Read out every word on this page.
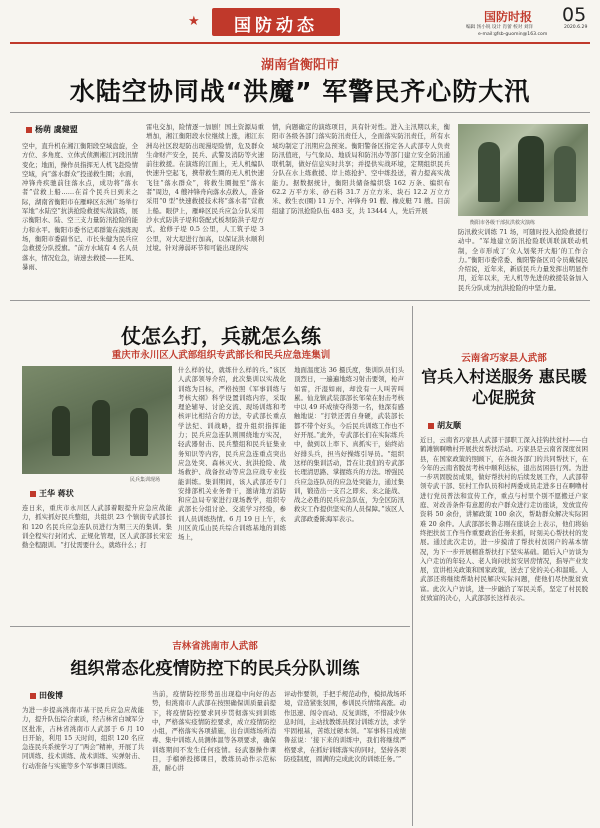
国防动态
★	国防时报	05
编辑 汤小锐 设计 肖蕾 校对 刘洋	2020.6.29
e-mail:gfsb-guomin@163.com
湖南省衡阳市
水陆空协同战“洪魔” 军警民齐心防大汛
杨萌 虞健盟
空中，直升机在湘江衡阳段空域盘旋，全方位、多角度、立体式侦测湘江河段汛情变化；地面，操作员指挥无人机飞赴险情空域，向“落水群众”投递救生圈；水面，冲锋舟疾驰前往落水点，成功将“落水者”营救上船……在首个民兵日到来之际，湖南省衡阳市在雁峰区东洲广场举行军地“水陆空”抗洪抢险救援实战演练，展示衡阳水、陆、空三支力量防汛抢险的能力和水平。衡阳市委书记邓群策在演练现场，衡阳市委副书记、市长朱健为民兵应急救援分队授旗。“前方水域有 4 名人员落水，情况危急，请速去救援——狂风、暴雨、
雷电交加，险情逐一加剧！国土资源局重增加，湘江衡阳段水位继续上涨，湘江东洲岛社区段堤防出现漫堤险情，危及群众生命财产安全，民兵、武警及消防等火速前往救援。在演练的江面上，无人机编队快速升空起飞，携带救生圈的无人机快速飞往“落水群众”，将救生圈抛至“落水者”周边，4 艘冲锋舟向落水点救人，准备采用“0 型”快速救援技术将“落水者”营救上船。眼伊上，雁峰区民兵应急分队采用沙水式防洪子堤和袋配式板坝防洪子堤方式，抢修子堤 0.5 公里，人工筑子堤 3 公里，对大堤进行加高，以保证洪水顺利过境。针对薄弱环节和可能出现的实
情，向题确定的演练项目，具有针对性。进入主汛期以来，衡阳市各级各部门落实防汛责任人，全面落实防汛责任，所有水域均制定了汛期应急预案。衡阳警备区指定各人武部专人负责防汛值班，与气象局、地质局和防汛办等部门建立安全防汛通联机制，做好信息实时共享；并提供实战环境，定期组织民兵分队在水上练救援、岸上练抢护、空中练投送，着力提高实战能力。据数据统计，衡阳共储备编织袋 162 万条、编织布 62.2 万平方米、砂石料 31.7 万立方米、块石 12.2 万立方米、救生衣(圈) 11 万个、冲锋舟 91 艘、橡皮艇 71 艘。目前组建了防汛抢险队伍 483 支，共 13444 人，先后开展
衡阳市各级干部抗洪救灾演练
防汛救灾训练 71 场，可随时投入抢险救援行动中。“军地建立防汛抢险联训联演联动机制，全市形成了‘众人划桨开大船’的工作合力。”衡阳市委常委、衡阳警备区司令员戴保民介绍说，近年来，新质民兵力量发挥出明显作用，近年以来，无人机等先进的救援装备加入民兵分队成为抗洪抢险的中坚力量。
仗怎么打，兵就怎么练
重庆市永川区人武部组织专武部长和民兵应急连集训
民兵集训现场
王华 蒋状
连日来，重庆市永川区人武部着眼提升应急应战能力，抓实抓好民兵整组，共组织 23 个镇街专武部长和 120 名民兵应急连队员进行为期三天的集训。集训全程实行封闭式、正规化管理，区人武部部长宋宏勤全程跟训。“打仗需要什么，就练什么；打
什么样的仗，就练什么样的兵。”该区人武部领导介绍，此次集训以实战化训练为目标，严格按照《军事训练与考核大纲》科学设置训练内容，采取理论辅导、讨论交流、现场训练和考核评比相结合的方法，专武部长重点学法纪、训战略，提升组织指挥能力；民兵应急连队则围绕地方实况，轻武器射击、民兵整组和民兵征集业务知识等内容，民兵应急连重点突出应急处突、森林灭火、抗洪抢险、战场救护、战备拉动等应急应战专业技能训练。集训期间，该人武部还专门安排部机关业务骨干，邀请地方消防和应急局专家进行现场教学，组织专武部长分组讨论、交流学习经验，参训人员训练热情。6 月 19 日上午，永川区黄瓜山民兵综合训练基地的训练场上，
地面温度达 36 摄氏度，集训队员们头顶烈日，一遍遍地练习射击要领，枪声如雷，汗湿如雨，却没有一人叫苦叫累。仙龙镇武装部部长邹荣在射击考核中以 49 环成绩夺得第一名，他深有感触地说：“打铁还需自身硬，武装部长都不带个好头，今后民兵训练工作也不好开展。”此外，专武部长们在实际练兵中，做到以上率下、真抓实干，始终站好排头兵，担当好操练引导员。“组织这样的集训活动，旨在让我们的专武部长理清思路、掌握练兵的方法。增强民兵应急连队员的应急处突能力，通过集训，锻造出一支召之即来、来之能战、战之必胜的民兵应急队伍，为全区防汛救灾工作提供坚实的人员保障。”该区人武部政委陈海军表示。
云南省巧家县人武部
官兵入村送服务 惠民暖心促脱贫
胡友顺
近日，云南省巧家县人武部干部职工深入挂钩扶贫村——白鹤滩镇啊噜村开展扶贫帮扶活动。巧家县是云南省深度贫困县，在国家政策的照顾下，在各级各部门的共同帮扶下，在今年的云南省脱贫考核中顺利达标，退出贫困县行列。为进一步巩固脱贫成果，做好帮扶村的后续发展工作，人武部带领专武干部、驻村工作队员和村两委成员走进多日在啊噜村进行党员普法和宣传工作，重点与村里个别不愿搬迁户家庭、对改善条件有意愿的农户群众进行走访座谈，发放宣传资料 50 余份，讲解政策 100 余次，帮助群众解决实际困难 20 余件。人武部部长鲁志刚在座谈会上表示，他们将始终把扶贫工作当作重要政治任务来抓，时刻关心帮扶村的发展。通过此次走访，进一步摸清了帮扶村贫困户的基本情况，为下一步开展精准帮扶打下坚实基础。随后入户访谈为入户走访的年轻人、老人询问扶贫安居房情况，指导产业发展，宣讲相关政策和国家政策，送去了党的关心和温暖。人武部还将继续帮助村民解决实际问题，使他们尽快脱贫致富。此次入户访谈，进一步融洽了军民关系，坚定了村民脱贫致富的决心，人武部部长这样表示。
吉林省洮南市人武部
组织常态化疫情防控下的民兵分队训练
田俊博
为进一步提高洮南市基干民兵应急应战能力，提升队伍综合素质，经吉林省白城军分区批准，吉林省洮南市人武部于 6 月 10 日开始，利用 15 天时间，组织 120 名应急连民兵系统学习了“两会”精神，开展了共同训练、技术训练、战术训练、实弹射击、行动准备与实施等多个军事课目训练。
当前，疫情防控形势虽出现稳中向好的态势，但洮南市人武部在按照确保训质量前提下，将疫情防控要求同步贯彻落实到训练中，严格落实疫情防控要求，成立疫情防控小组，严格落实各项措施，出台训练场所消毒、集中训练人员测体温等各项要求，确保训练期间不发生任何疫情。轻武器操作课目，手榴弹投掷课目，教练员动作示范标准，耐心讲
评动作要领，手把手规范动作，模拟战场环境，营造紧张氛围，参训民兵情绪高涨。动作迅速、闯令而动、反复训练，不惜减少休息时间，主动找教练员探讨训练方法，求学牢固根基，苦练过硬本领。“军事科目成绩鲁兹说：‘接下来的训练中，我们将继续严格要求，在抓好训练落实的同时，坚持各项防疫制度，圆满的完成此次的训练任务。’”
